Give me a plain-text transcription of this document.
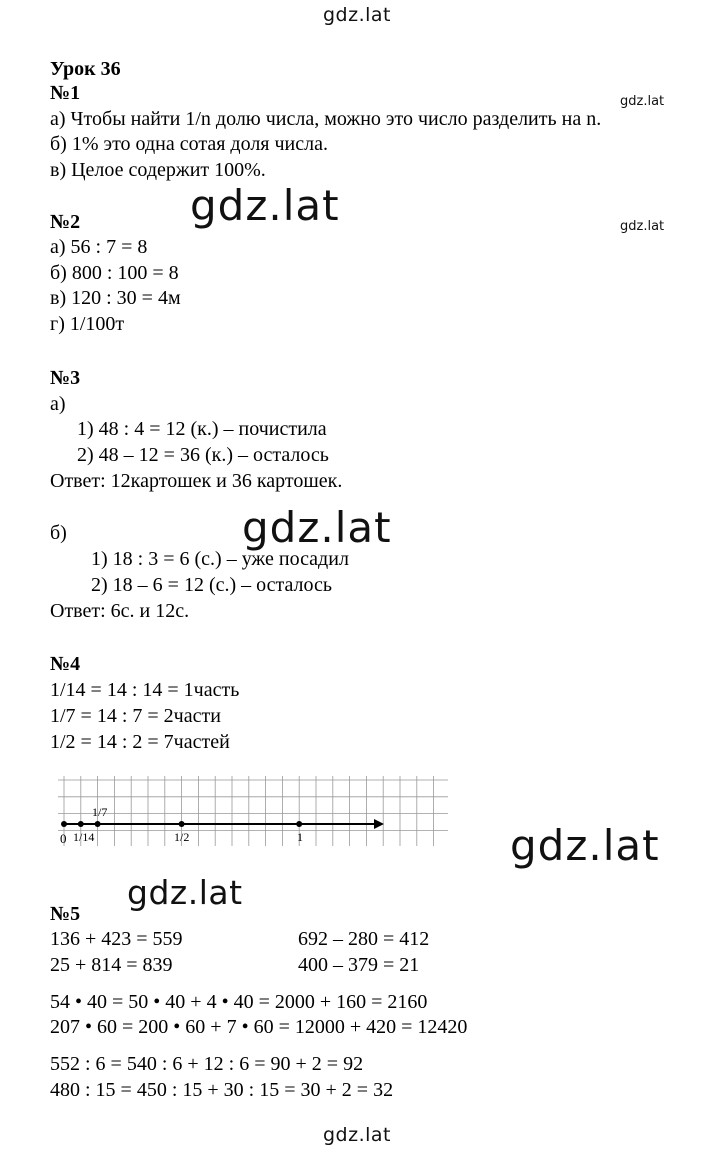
gdz.lat
gdz.lat
gdz.lat
gdz.lat
gdz.lat
gdz.lat
gdz.lat
gdz.lat
Урок 36
№1
а) Чтобы найти 1/n долю числа, можно это число разделить на n.
б) 1% это одна сотая доля числа.
в) Целое содержит 100%.
№2
а) 56 : 7 = 8
б) 800 : 100 = 8
в) 120 : 30 = 4м
г) 1/100т
№3
а)
1) 48 : 4 = 12 (к.) – почистила
2) 48 – 12 = 36 (к.) – осталось
Ответ: 12картошек и 36 картошек.
б)
1) 18 : 3 = 6 (с.) – уже посадил
2) 18 – 6 = 12 (с.) – осталось
Ответ: 6с. и 12с.
№4
1/14 = 14 : 14 = 1часть
1/7 = 14 : 7 = 2части
1/2 = 14 : 2 = 7частей
0 1/14
1/7
1/2	1
№5
136 + 423 = 559	692 – 280 = 412
25 + 814 = 839	400 – 379 = 21
54 • 40 = 50 • 40 + 4 • 40 = 2000 + 160 = 2160
207 • 60 = 200 • 60 + 7 • 60 = 12000 + 420 = 12420
552 : 6 = 540 : 6 + 12 : 6 = 90 + 2 = 92
480 : 15 = 450 : 15 + 30 : 15 = 30 + 2 = 32
